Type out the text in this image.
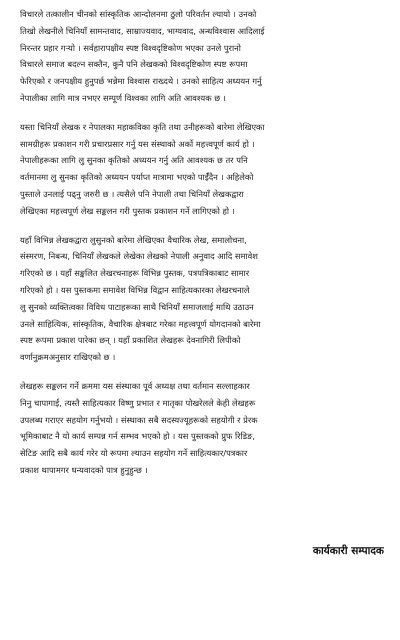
विचारले तत्कालीन चीनको सांस्कृतिक आन्दोलनमा ठुलो परिवर्तन ल्यायो । उनको
तिखो लेखनीले चिनियाँ सामन्तवाद, साम्राज्यवाद, भाग्यवाद, अन्धविश्वास आदिलाई
निरन्तर प्रहार गऱ्यो । सर्वहारापक्षीय स्पष्ट विश्वदृष्टिकोण भएका उनले पुरानो
विचारले समाज बदल्न सक्तैन, कुनै पनि लेखकको विश्वदृष्टिकोण स्पष्ट रूपमा
फेरिएको र जनपक्षीय हुनुपर्छ भन्नेमा विश्वास राख्दथे । उनको साहित्य अध्ययन गर्नु
नेपालीका लागि मात्र नभएर सम्पूर्ण विश्वका लागि अति आवश्यक छ ।
यस्ता चिनियाँ लेखक र नेपालका महाकविका कृति तथा उनीहरूको बारेमा लेखिएका
सामग्रीहरू प्रकाशन गरी प्रचारप्रसार गर्नु यस संस्थाको अर्को महत्त्वपूर्ण कार्य हो ।
नेपालीहरूका लागि लु सुनका कृतिको अध्ययन गर्नु अति आवश्यक छ तर पनि
वर्तमानमा लु सुनका कृतिको अध्ययन पर्याप्त मात्रामा भएको पाईँदैन । अहिलेको
पुस्ताले उनलाई पढ्नु जरुरी छ । त्यसैले पनि नेपाली तथा चिनियाँ लेखकद्वारा
लेखिएका महत्त्वपूर्ण लेख सङ्कलन गरी पुस्तक प्रकाशन गर्ने लागिएको हो ।
यहाँ विभिन्न लेखकद्वारा लुसुनको बारेमा लेखिएका वैचारिक लेख, समालोचना,
संस्मरण, निबन्ध, चिनियाँ लेखकले लेखेका लेखको नेपाली अनुवाद आदि समावेश
गरिएको छ । यहाँ सङ्कलित लेखरचनाहरू विभिन्न पुस्तक, पत्रपत्रिकाबाट सामार
गरिएको हो । यस पुस्तकमा समावेश विभिन्न विद्वान साहित्यकारका लेखरचनाले
लु सुनको व्यक्तित्वका विविध पाटाहरूका साथै चिनियाँ समाजलाई माथि उठाउन
उनले साहित्यिक, सांस्कृतिक, वैचारिक क्षेत्रबाट गरेका महत्त्वपूर्ण योगदानको बारेमा
स्पष्ट रूपमा प्रकाश पारेका छन् । यहाँ प्रकाशित लेखहरू देवनागिरी लिपीको
वर्णानुक्रमअनुसार राखिएको छ ।
लेखहरू सङ्कलन गर्ने क्रममा यस संस्थाका पूर्व अध्यक्ष तथा वर्तमान सल्लाहकार
निनु चापागाईं, त्यस्तै साहित्यकार विष्णु प्रभात र मातृका पोखरेलले केही लेखहरू
उपलब्ध गराएर सहयोग गर्नुभयो । संस्थाका सबै सदस्यज्यूहरूको सहयोगी र प्रेरक
भूमिकाबाट नै यो कार्य सम्पन्न गर्न सम्भव भएको हो । यस पुस्तकको प्रुफ रिडिङ,
सेटिङ आदि सबै कार्य गरेर यो रूपमा ल्याउन सहयोग गर्ने साहित्यकार/पत्रकार
प्रकाश थापामगर धन्यवादको पात्र हुनुहुन्छ ।
कार्यकारी सम्पादक
